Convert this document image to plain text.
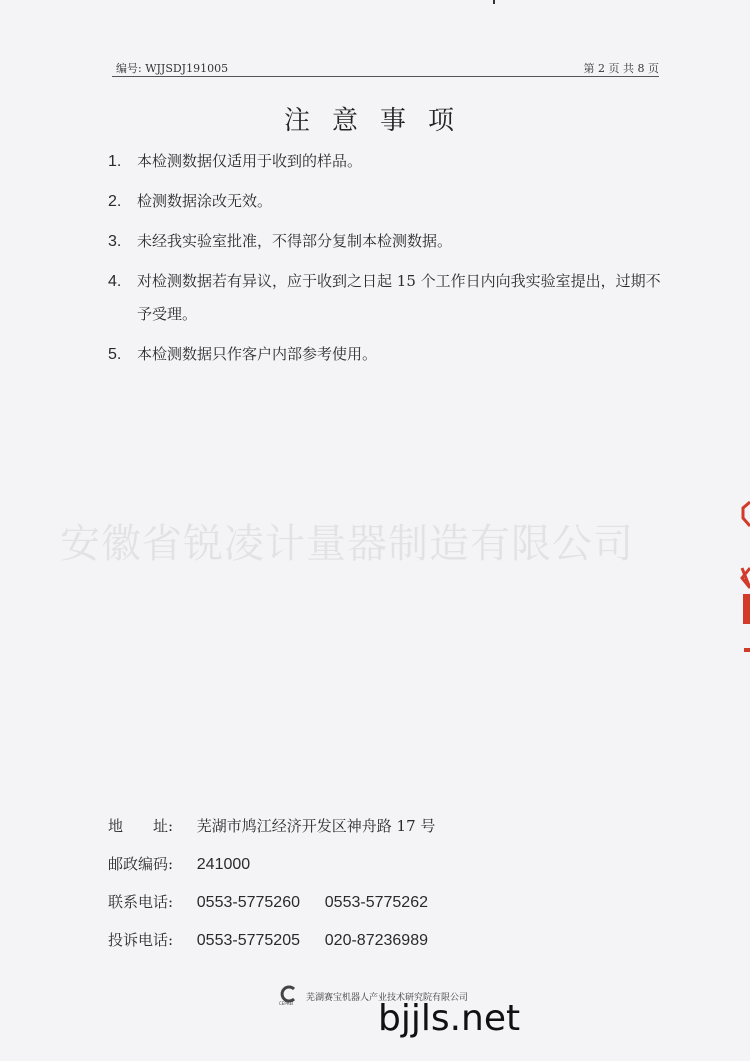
编号: WJJSDJ191005	第 2 页 共 8 页
注意事项
1.	本检测数据仅适用于收到的样品。
2.	检测数据涂改无效。
3.	未经我实验室批准，不得部分复制本检测数据。
4.	对检测数据若有异议，应于收到之日起 15 个工作日内向我实验室提出，过期不予受理。
5.	本检测数据只作客户内部参考使用。
安徽省锐凌计量器制造有限公司
地　　址: 芜湖市鸠江经济开发区神舟路 17 号
邮政编码: 241000
联系电话: 0553-5775260 0553-5775262
投诉电话: 0553-5775205 020-87236989
CEPREI
芜湖赛宝机器人产业技术研究院有限公司
bjjls.net
